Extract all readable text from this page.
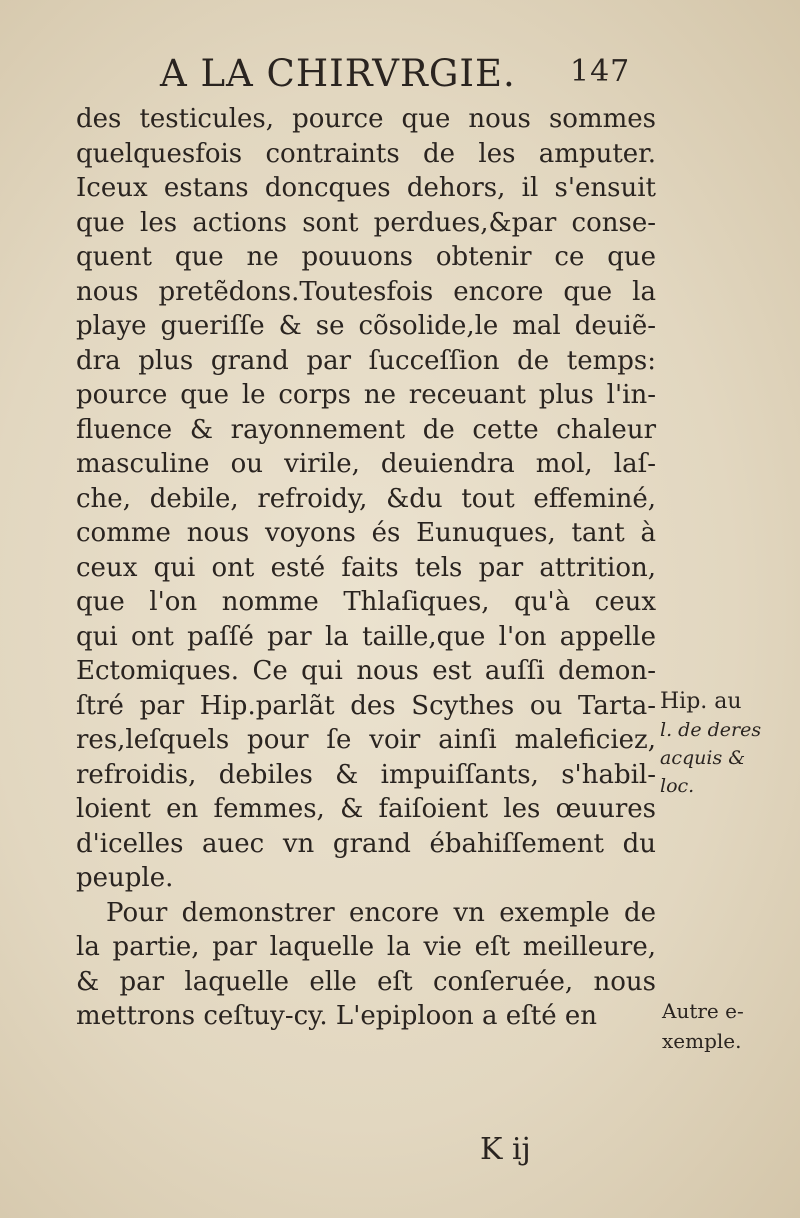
A LA CHIRVRGIE. 147
des testicules, pource que nous sommes
quelquesfois contraints de les amputer.
Iceux estans doncques dehors, il s'ensuit
que les actions sont perdues,&par conse-
quent que ne pouuons obtenir ce que
nous pretẽdons.Toutesfois encore que la
playe gueriſſe & se cõsolide,le mal deuiẽ-
dra plus grand par ſucceſſion de temps:
pource que le corps ne receuant plus l'in-
fluence & rayonnement de cette chaleur
masculine ou virile, deuiendra mol, laſ-
che, debile, refroidy, &du tout effeminé,
comme nous voyons és Eunuques, tant à
ceux qui ont esté faits tels par attrition,
que l'on nomme Thlaſiques, qu'à ceux
qui ont paſſé par la taille,que l'on appelle
Ectomiques. Ce qui nous est auſſi demon-
ſtré par Hip.parlãt des Scythes ou Tarta-
res,leſquels pour ſe voir ainſi maleficiez,
refroidis, debiles & impuiſſants, s'habil-
loient en femmes, & faiſoient les œuures
d'icelles auec vn grand ébahiſſement du
peuple.
Pour demonstrer encore vn exemple de
la partie, par laquelle la vie eſt meilleure,
& par laquelle elle eſt conſeruée, nous
mettrons ceſtuy-cy. L'epiploon a eſté en
Hip. au
l. de deres
acquis &
loc.
Autre e-
xemple.
K ij
